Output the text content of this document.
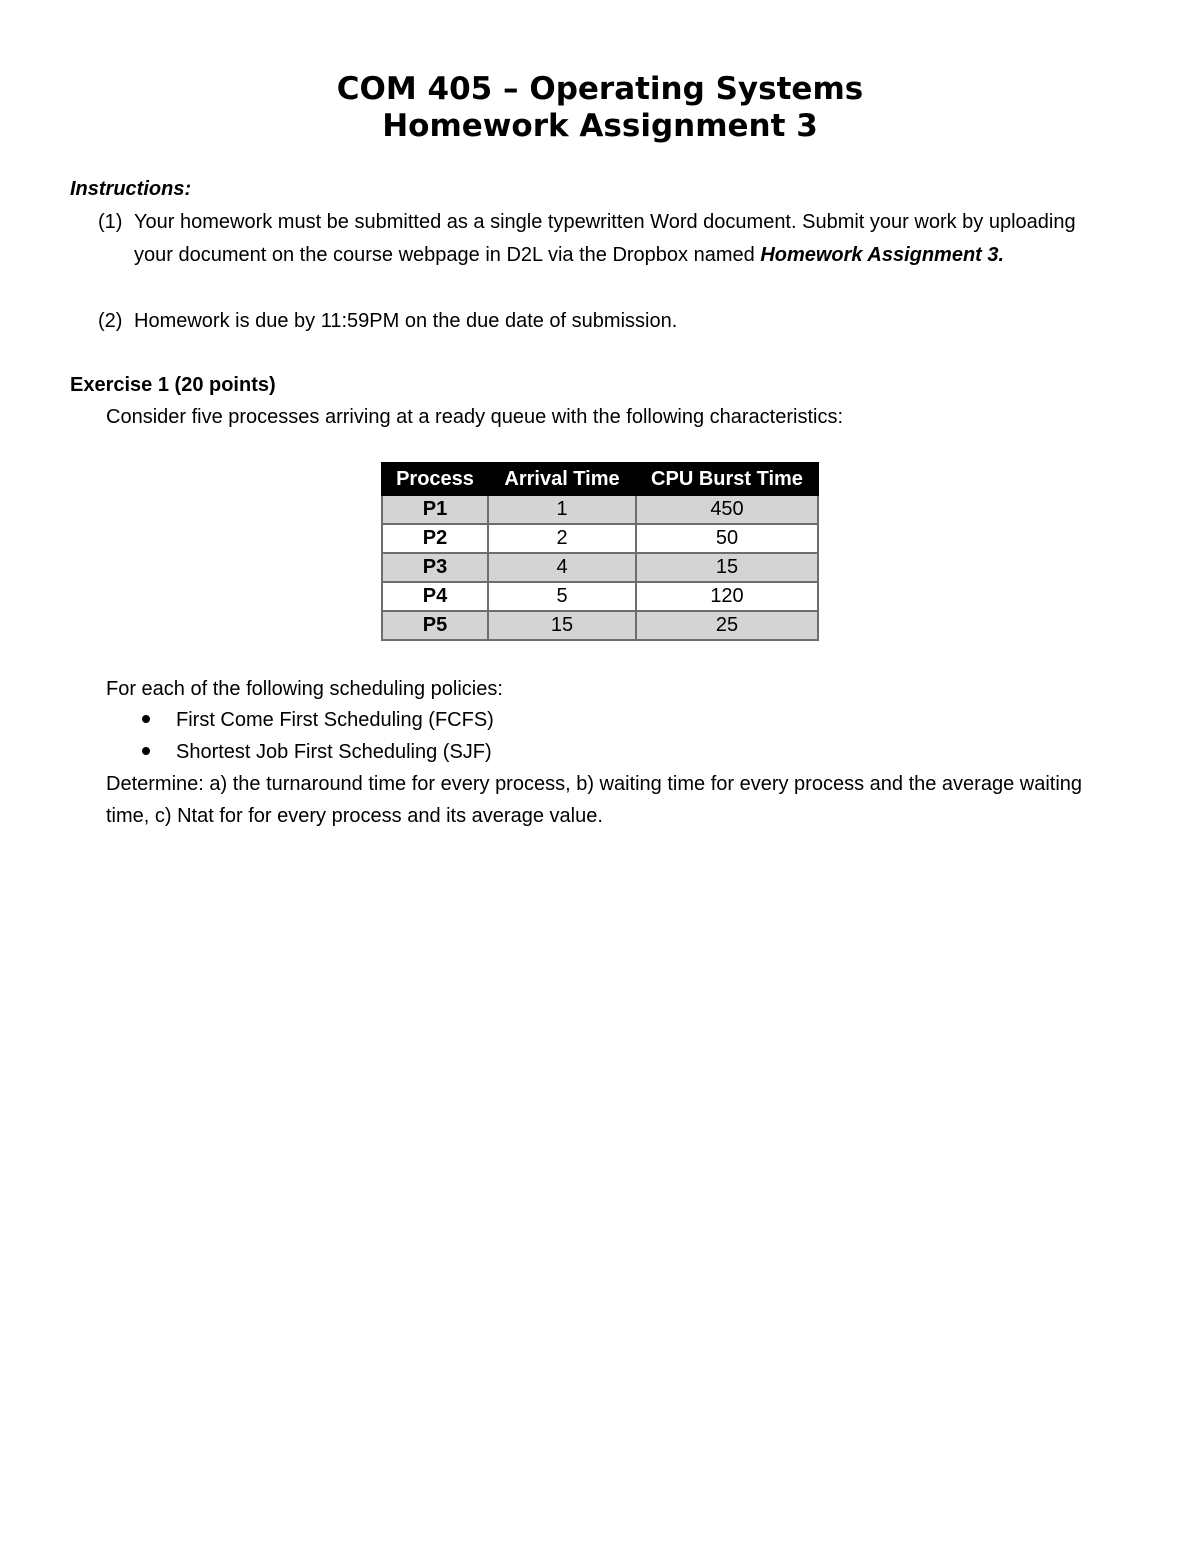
COM 405 – Operating Systems
Homework Assignment 3
Instructions:
(1) Your homework must be submitted as a single typewritten Word document. Submit your work by uploading your document on the course webpage in D2L via the Dropbox named Homework Assignment 3.
(2) Homework is due by 11:59PM on the due date of submission.
Exercise 1 (20 points)
Consider five processes arriving at a ready queue with the following characteristics:
Process	Arrival Time	CPU Burst Time
P1	1	450
P2	2	50
P3	4	15
P4	5	120
P5	15	25
For each of the following scheduling policies:
First Come First Scheduling (FCFS)
Shortest Job First Scheduling (SJF)
Determine: a) the turnaround time for every process, b) waiting time for every process and the average waiting time, c) Ntat for for every process and its average value.
